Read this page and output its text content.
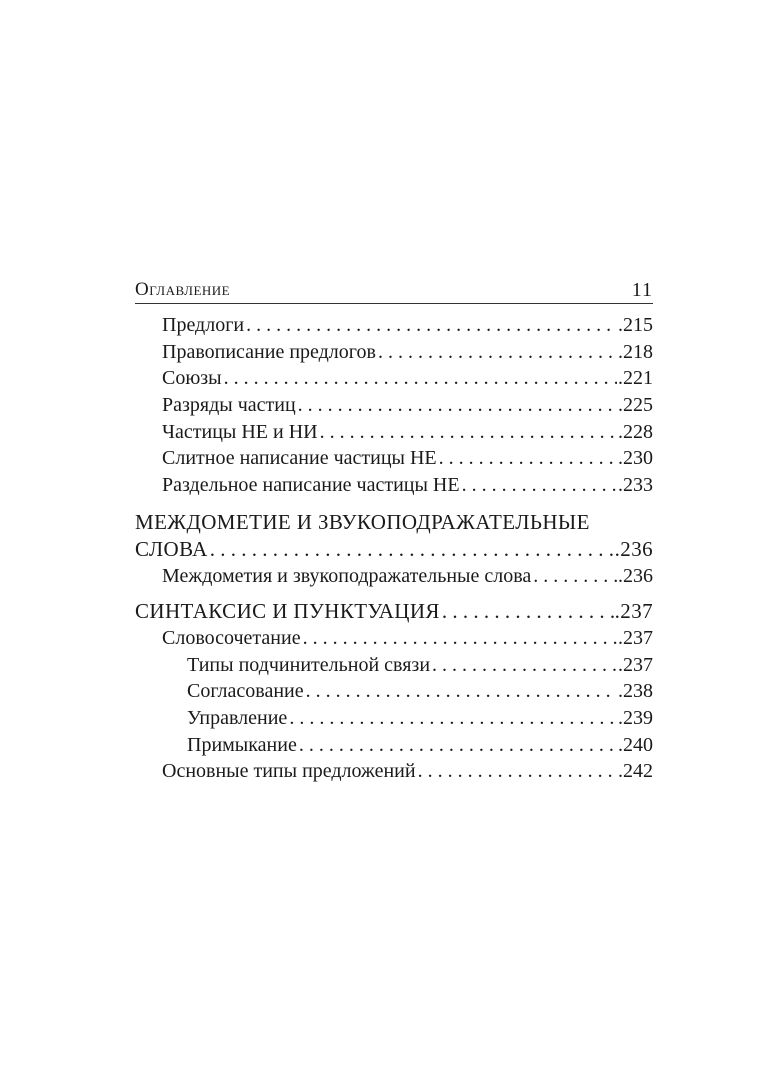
Оглавление	11
Предлоги . . .	.215
Правописание предлогов . . .	.218
Союзы . . .	.221
Разряды частиц . . .	.225
Частицы НЕ и НИ . . .	.228
Слитное написание частицы НЕ . . .	.230
Раздельное написание частицы НЕ . . .	.233
МЕЖДОМЕТИЕ И ЗВУКОПОДРАЖАТЕЛЬНЫЕ
СЛОВА . . .	.236
Междометия и звукоподражательные слова . . .	.236
СИНТАКСИС И ПУНКТУАЦИЯ . . .	.237
Словосочетание . . .	.237
Типы подчинительной связи . . .	.237
Согласование . . .	.238
Управление . . .	.239
Примыкание . . .	.240
Основные типы предложений . . .	.242
